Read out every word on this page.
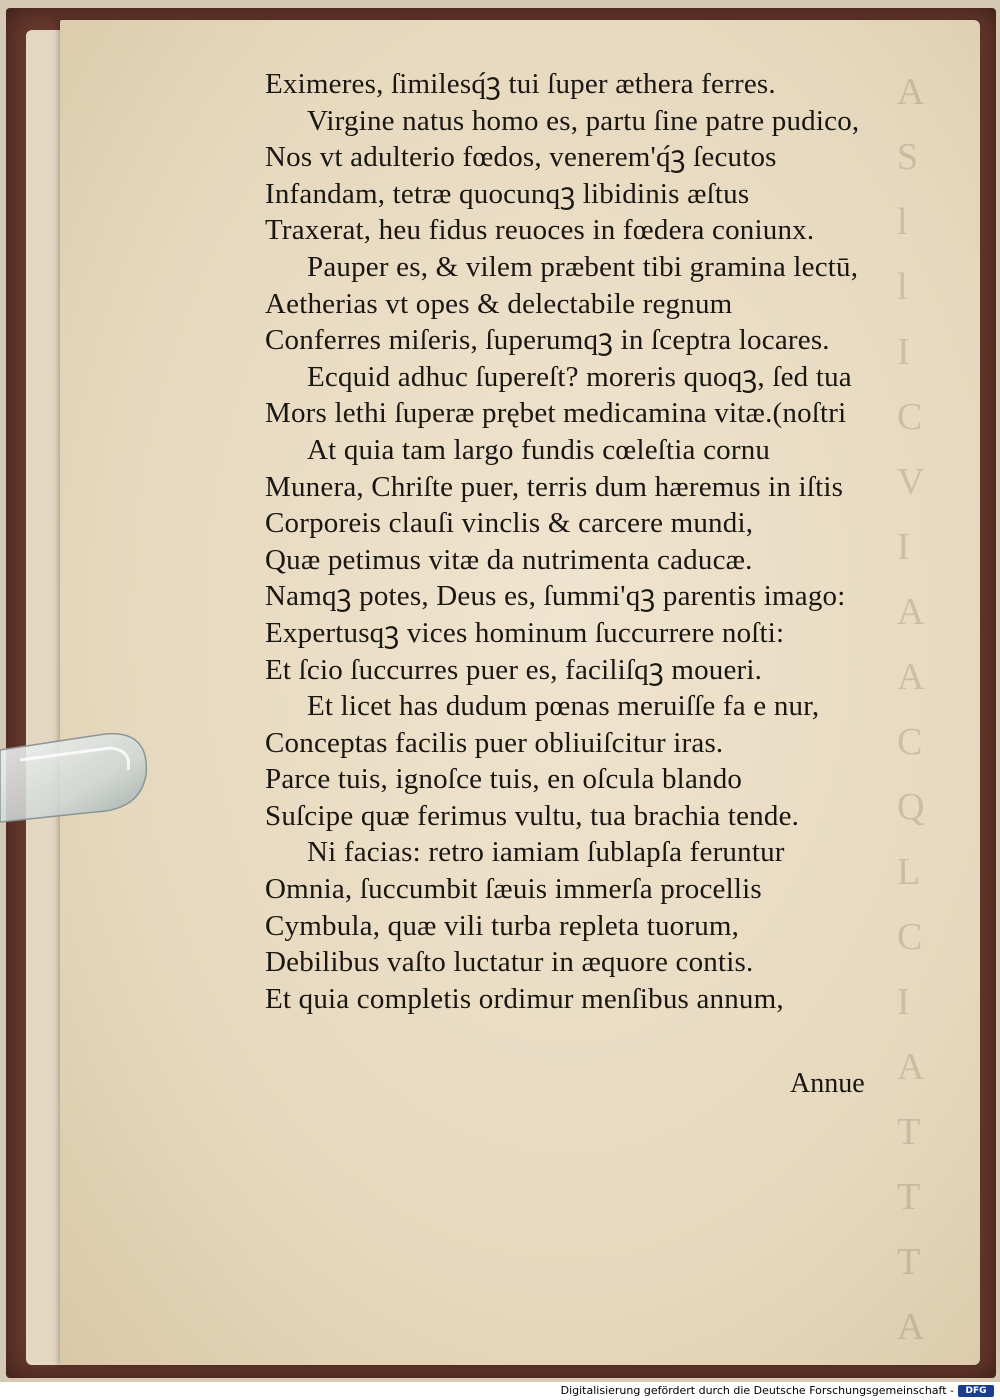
A
S
l
l
I
C
V
I
A
A
C
Q
L
C
I
A
T
T
T
A
Eximeres, ſimilesq́ꝫ tui ſuper æthera ferres.
Virgine natus homo es, partu ſine patre pudico,
Nos vt adulterio fœdos, venerem'q́ꝫ ſecutos
Infandam, tetræ quocunqꝫ libidinis æſtus
Traxerat, heu fidus reuoces in fœdera coniunx.
Pauper es, & vilem præbent tibi gramina lectū,
Aetherias vt opes & delectabile regnum
Conferres miſeris, ſuperumqꝫ in ſceptra locares.
Ecquid adhuc ſupereſt? moreris quoqꝫ, ſed tua
Mors lethi ſuperæ prębet medicamina vitæ.(noſtri
At quia tam largo fundis cœleſtia cornu
Munera, Chriſte puer, terris dum hæremus in iſtis
Corporeis clauſi vinclis & carcere mundi,
Quæ petimus vitæ da nutrimenta caducæ.
Namqꝫ potes, Deus es, ſummi'qꝫ parentis imago:
Expertusqꝫ vices hominum ſuccurrere noſti:
Et ſcio ſuccurres puer es, faciliſqꝫ moueri.
Et licet has dudum pœnas meruiſſe fa e nur,
Conceptas facilis puer obliuiſcitur iras.
Parce tuis, ignoſce tuis, en oſcula blando
Suſcipe quæ ferimus vultu, tua brachia tende.
Ni facias: retro iamiam ſublapſa feruntur
Omnia, ſuccumbit ſæuis immerſa procellis
Cymbula, quæ vili turba repleta tuorum,
Debilibus vaſto luctatur in æquore contis.
Et quia completis ordimur menſibus annum,
Annue
Digitalisierung gefördert durch die Deutsche Forschungsgemeinschaft -	DFG
